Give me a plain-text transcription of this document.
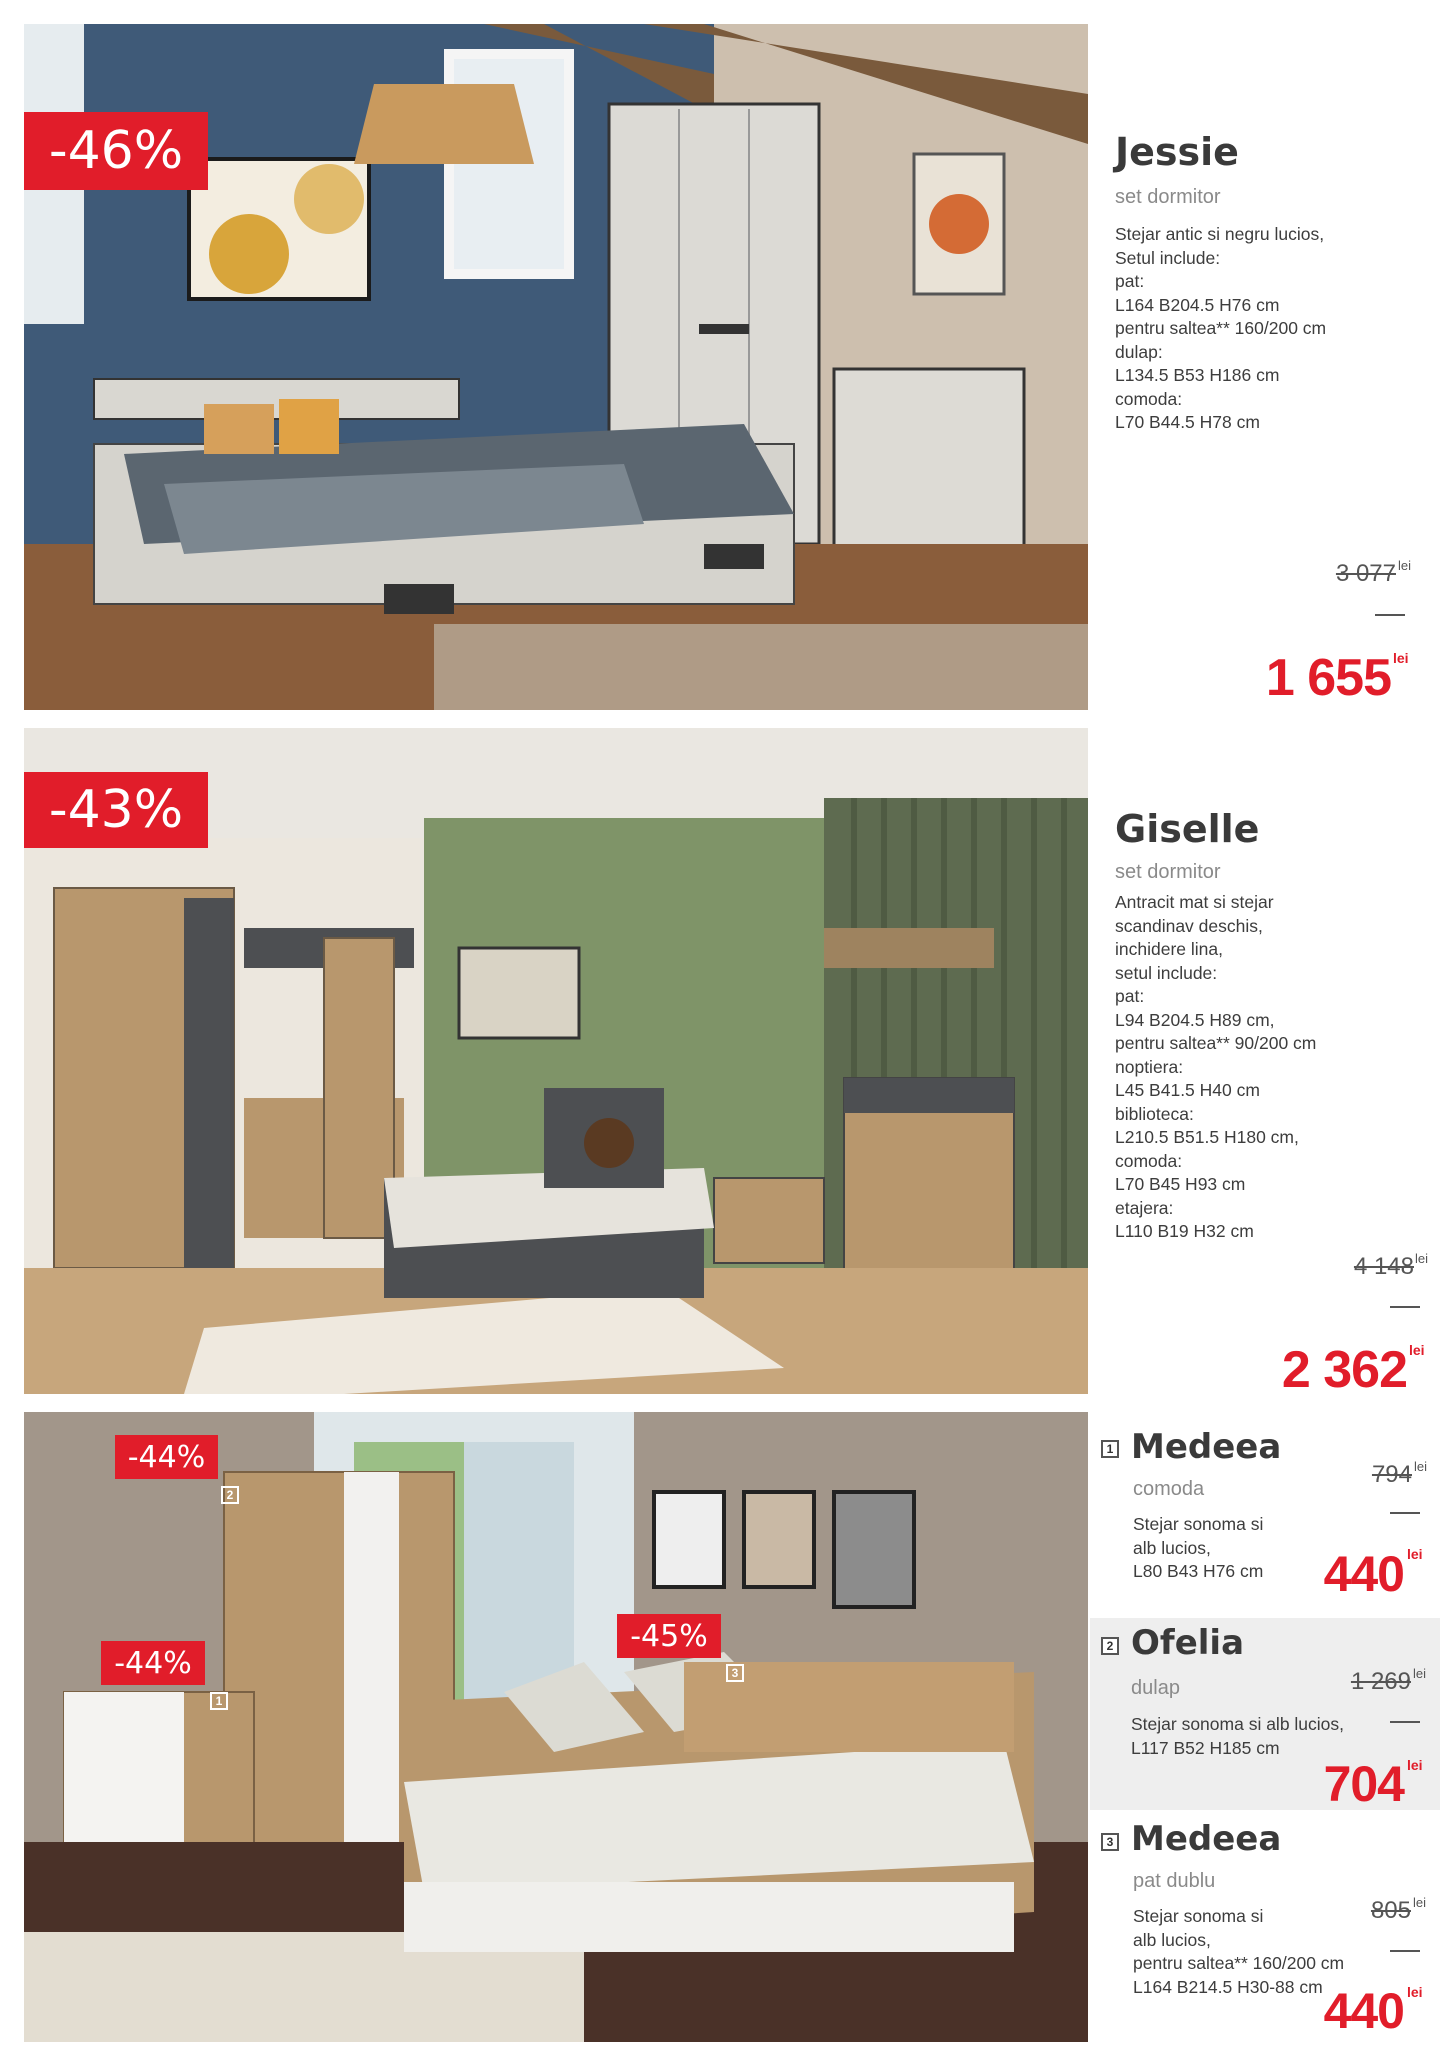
-46%	Jessie
set dormitor
Stejar antic si negru lucios,
Setul include:
pat:
L164 B204.5 H76 cm
pentru saltea** 160/200 cm
dulap:
L134.5 B53 H186 cm
comoda:
L70 B44.5 H78 cm
3 077 lei
1 655 lei
-43%	Giselle
set dormitor
Antracit mat si stejar
scandinav deschis,
inchidere lina,
setul include:
pat:
L94 B204.5 H89 cm,
pentru saltea** 90/200 cm
noptiera:
L45 B41.5 H40 cm
biblioteca:
L210.5 B51.5 H180 cm,
comoda:
L70 B45 H93 cm
etajera:
L110 B19 H32 cm
4 148 lei
2 362 lei
-44%
-44%
-45%
2
1
3
1 Medeea
comoda
Stejar sonoma si
alb lucios,
L80 B43 H76 cm
794 lei
440 lei
2 Ofelia
dulap
Stejar sonoma si alb lucios,
L117 B52 H185 cm
1 269 lei
704 lei
3 Medeea
pat dublu
Stejar sonoma si
alb lucios,
pentru saltea** 160/200 cm
L164 B214.5 H30-88 cm
805 lei
440 lei
